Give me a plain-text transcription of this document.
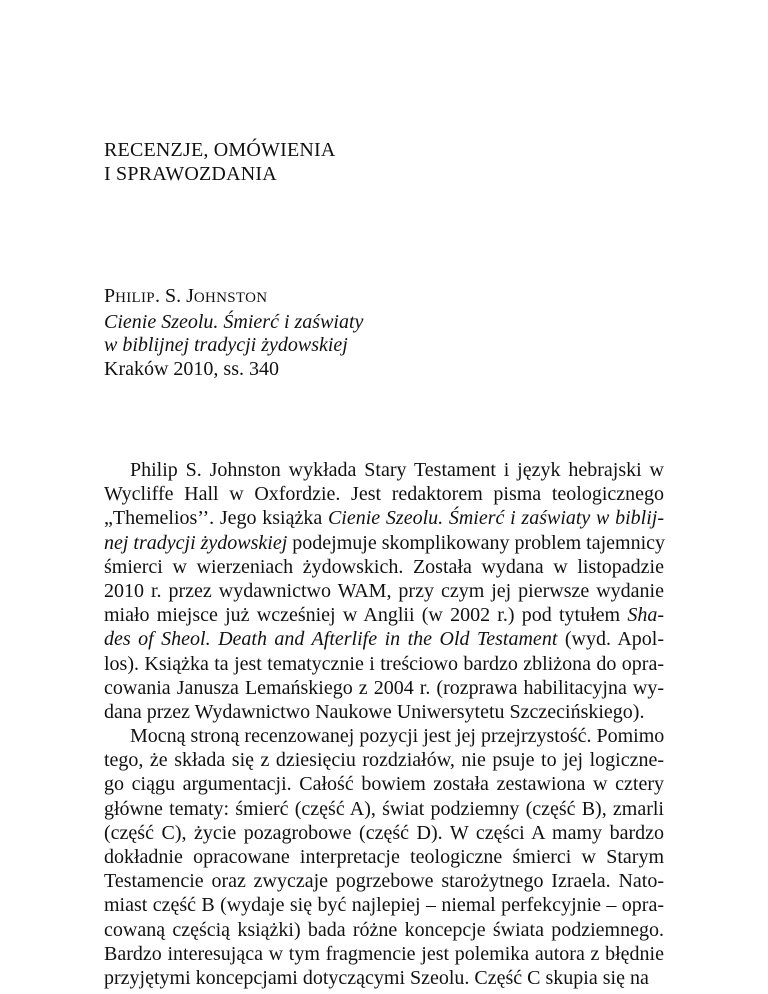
RECENZJE, OMÓWIENIA
I SPRAWOZDANIA
PHILIP. S. JOHNSTON
Cienie Szeolu. Śmierć i zaświaty
w biblijnej tradycji żydowskiej
Kraków 2010, ss. 340
Philip S. Johnston wykłada Stary Testament i język hebrajski w
Wycliffe Hall w Oxfordzie. Jest redaktorem pisma teologicznego
„Themelios’’. Jego książka Cienie Szeolu. Śmierć i zaświaty w biblij-
nej tradycji żydowskiej podejmuje skomplikowany problem tajemnicy
śmierci w wierzeniach żydowskich. Została wydana w listopadzie
2010 r. przez wydawnictwo WAM, przy czym jej pierwsze wydanie
miało miejsce już wcześniej w Anglii (w 2002 r.) pod tytułem Sha-
des of Sheol. Death and Afterlife in the Old Testament (wyd. Apol-
los). Książka ta jest tematycznie i treściowo bardzo zbliżona do opra-
cowania Janusza Lemańskiego z 2004 r. (rozprawa habilitacyjna wy-
dana przez Wydawnictwo Naukowe Uniwersytetu Szczecińskiego).
Mocną stroną recenzowanej pozycji jest jej przejrzystość. Pomimo
tego, że składa się z dziesięciu rozdziałów, nie psuje to jej logiczne-
go ciągu argumentacji. Całość bowiem została zestawiona w cztery
główne tematy: śmierć (część A), świat podziemny (część B), zmarli
(część C), życie pozagrobowe (część D). W części A mamy bardzo
dokładnie opracowane interpretacje teologiczne śmierci w Starym
Testamencie oraz zwyczaje pogrzebowe starożytnego Izraela. Nato-
miast część B (wydaje się być najlepiej – niemal perfekcyjnie – opra-
cowaną częścią książki) bada różne koncepcje świata podziemnego.
Bardzo interesująca w tym fragmencie jest polemika autora z błędnie
przyjętymi koncepcjami dotyczącymi Szeolu. Część C skupia się na
